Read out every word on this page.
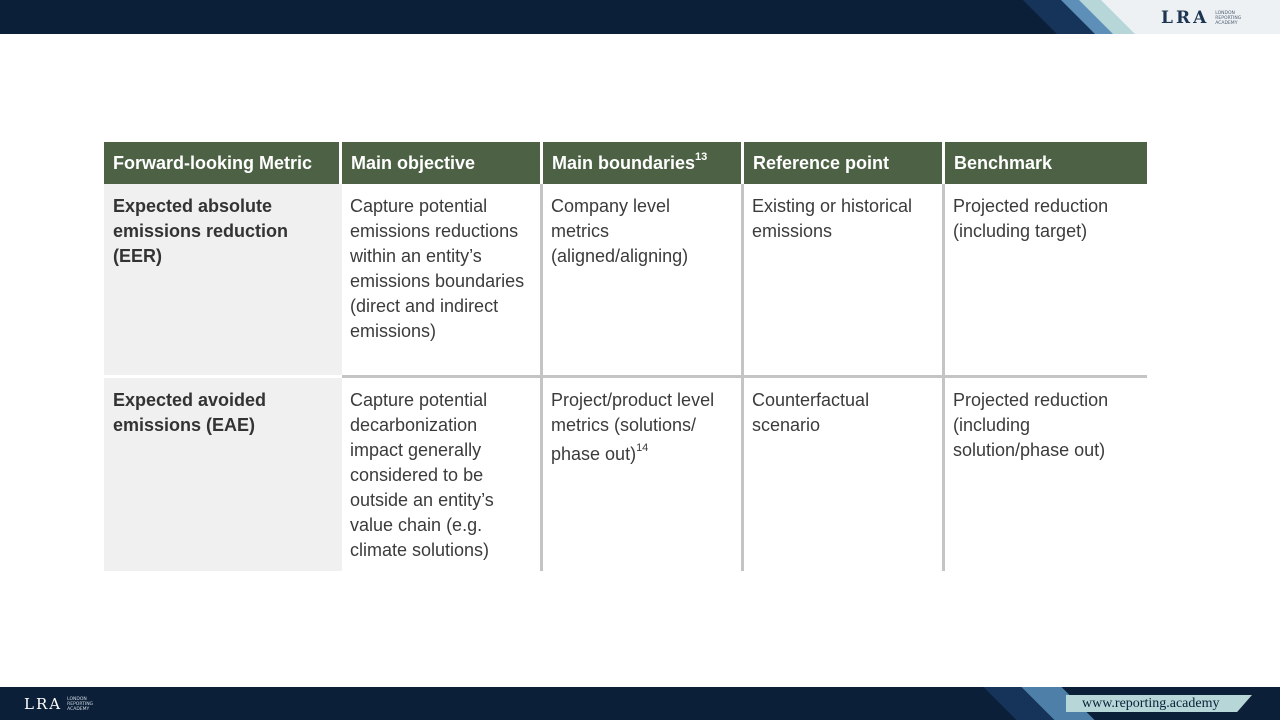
LRA LONDON REPORTING ACADEMY
Forward-looking Metric	Main objective	Main boundaries$^{13}$	Reference point	Benchmark
Expected absolute emissions reduction (EER)	Capture potential emissions reductions within an entity’s emissions boundaries (direct and indirect emissions)	Company level metrics (aligned/aligning)	Existing or historical emissions	Projected reduction (including target)
Expected avoided emissions (EAE)	Capture potential decarbonization impact generally considered to be outside an entity’s value chain (e.g. climate solutions)	Project/product level metrics (solutions/ phase out)$^{14}$	Counterfactual scenario	Projected reduction (including solution/phase out)
www.reporting.academy
LRA LONDON REPORTING ACADEMY
